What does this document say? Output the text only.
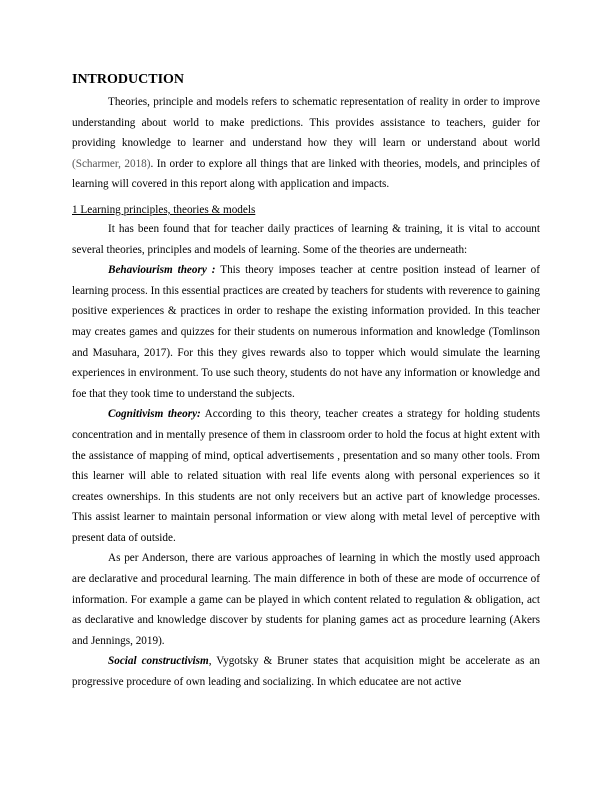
INTRODUCTION

Theories, principle and models refers to schematic representation of reality in order to improve understanding about world to make predictions. This provides assistance to teachers, guider for providing knowledge to learner and understand how they will learn or understand about world (Scharmer, 2018). In order to explore all things that are linked with theories, models, and principles of learning will covered in this report along with application and impacts.

1 Learning principles, theories & models

It has been found that for teacher daily practices of learning & training, it is vital to account several theories, principles and models of learning. Some of the theories are underneath:

Behaviourism theory : This theory imposes teacher at centre position instead of learner of learning process. In this essential practices are created by teachers for students with reverence to gaining positive experiences & practices in order to reshape the existing information provided. In this teacher may creates games and quizzes for their students on numerous information and knowledge (Tomlinson and Masuhara, 2017). For this they gives rewards also to topper which would simulate the learning experiences in environment. To use such theory, students do not have any information or knowledge and foe that they took time to understand the subjects.

Cognitivism theory: According to this theory, teacher creates a strategy for holding students concentration and in mentally presence of them in classroom order to hold the focus at hight extent with the assistance of mapping of mind, optical advertisements , presentation and so many other tools. From this learner will able to related situation with real life events along with personal experiences so it creates ownerships. In this students are not only receivers but an active part of knowledge processes. This assist learner to maintain personal information or view along with metal level of perceptive with present data of outside.

As per Anderson, there are various approaches of learning in which the mostly used approach are declarative and procedural learning. The main difference in both of these are mode of occurrence of information. For example a game can be played in which content related to regulation & obligation, act as declarative and knowledge discover by students for planing games act as procedure learning (Akers and Jennings, 2019).

Social constructivism, Vygotsky & Bruner states that acquisition might be accelerate as an progressive procedure of own leading and socializing. In which educatee are not active
